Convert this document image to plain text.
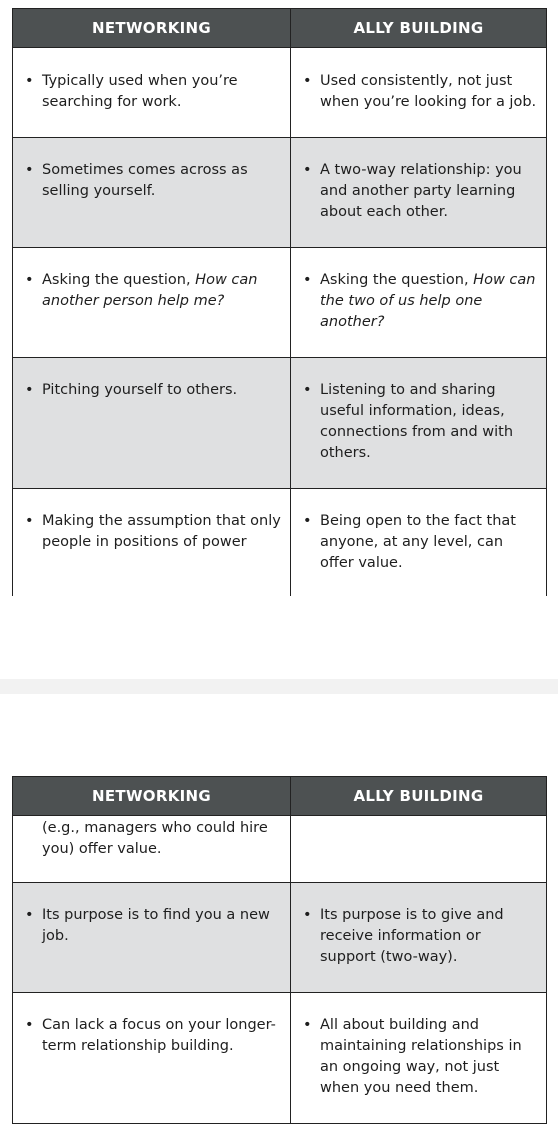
NETWORKING	ALLY BUILDING

• Typically used when you’re searching for work.	• Used consistently, not just when you’re looking for a job.

• Sometimes comes across as selling yourself.	• A two-way relationship: you and another party learning about each other.

• Asking the question, How can another person help me?	• Asking the question, How can the two of us help one another?

• Pitching yourself to others.	• Listening to and sharing useful information, ideas, connections from and with others.

• Making the assumption that only people in positions of power	• Being open to the fact that anyone, at any level, can offer value.
NETWORKING	ALLY BUILDING

(e.g., managers who could hire you) offer value.	

• Its purpose is to find you a new job.	• Its purpose is to give and receive information or support (two-way).

• Can lack a focus on your longer-term relationship building.	• All about building and maintaining relationships in an ongoing way, not just when you need them.
